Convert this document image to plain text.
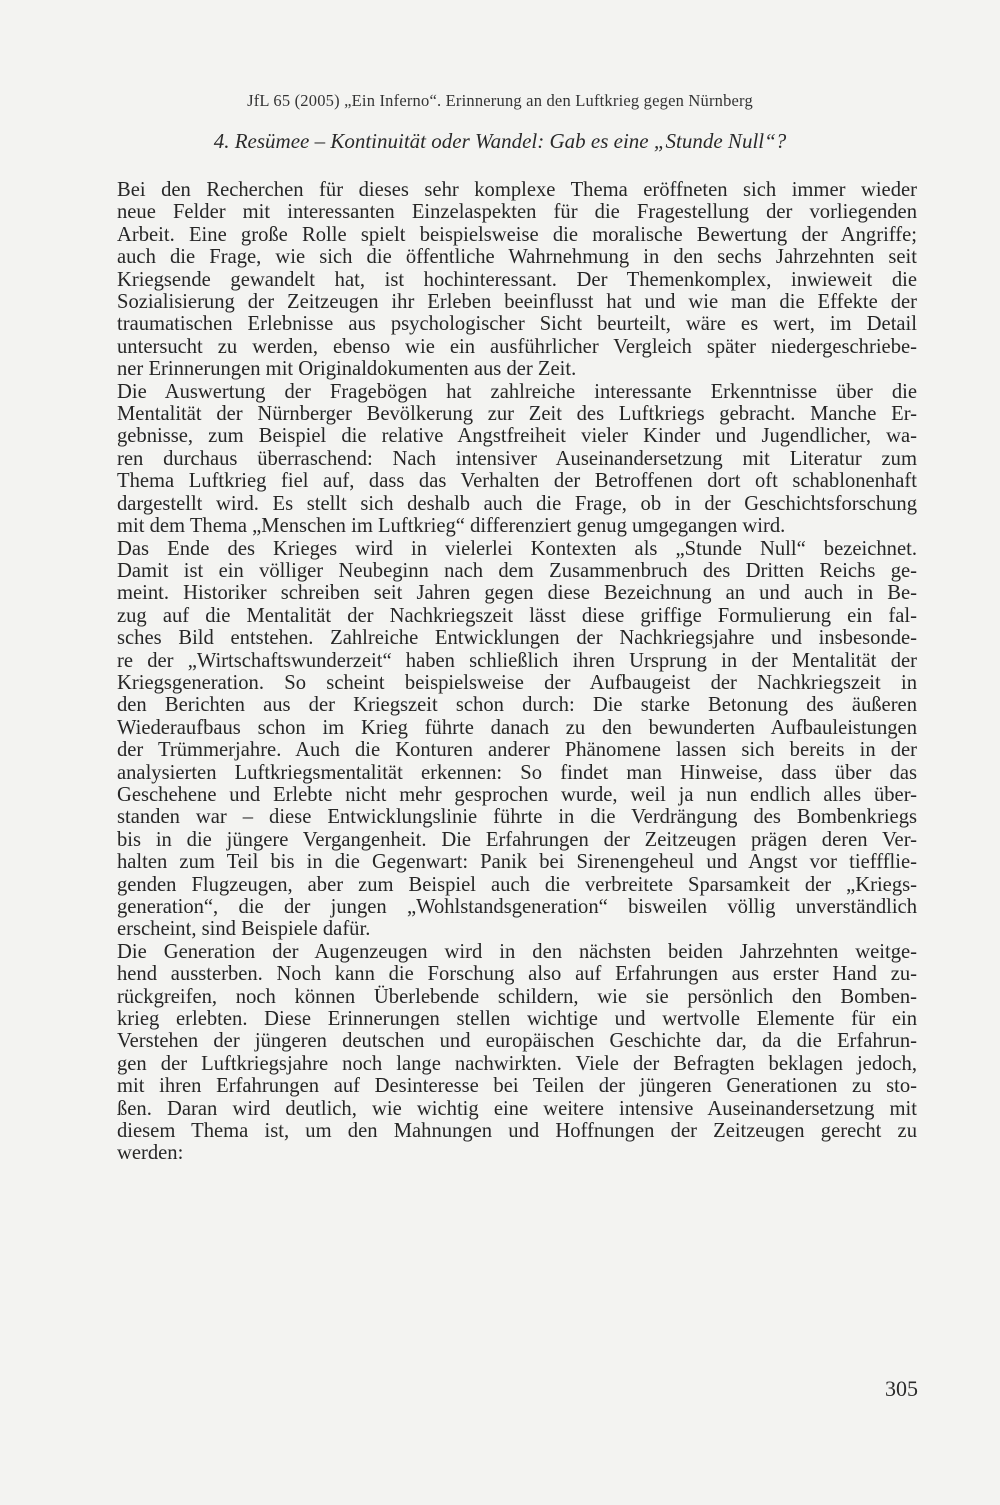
JfL 65 (2005) „Ein Inferno“. Erinnerung an den Luftkrieg gegen Nürnberg
4. Resümee – Kontinuität oder Wandel: Gab es eine „Stunde Null“?

Bei den Recherchen für dieses sehr komplexe Thema eröffneten sich immer wieder
neue Felder mit interessanten Einzelaspekten für die Fragestellung der vorliegenden
Arbeit. Eine große Rolle spielt beispielsweise die moralische Bewertung der Angriffe;
auch die Frage, wie sich die öffentliche Wahrnehmung in den sechs Jahrzehnten seit
Kriegsende gewandelt hat, ist hochinteressant. Der Themenkomplex, inwieweit die
Sozialisierung der Zeitzeugen ihr Erleben beeinflusst hat und wie man die Effekte der
traumatischen Erlebnisse aus psychologischer Sicht beurteilt, wäre es wert, im Detail
untersucht zu werden, ebenso wie ein ausführlicher Vergleich später niedergeschriebe-
ner Erinnerungen mit Originaldokumenten aus der Zeit.

Die Auswertung der Fragebögen hat zahlreiche interessante Erkenntnisse über die
Mentalität der Nürnberger Bevölkerung zur Zeit des Luftkriegs gebracht. Manche Er-
gebnisse, zum Beispiel die relative Angstfreiheit vieler Kinder und Jugendlicher, wa-
ren durchaus überraschend: Nach intensiver Auseinandersetzung mit Literatur zum
Thema Luftkrieg fiel auf, dass das Verhalten der Betroffenen dort oft schablonenhaft
dargestellt wird. Es stellt sich deshalb auch die Frage, ob in der Geschichtsforschung
mit dem Thema „Menschen im Luftkrieg“ differenziert genug umgegangen wird.

Das Ende des Krieges wird in vielerlei Kontexten als „Stunde Null“ bezeichnet.
Damit ist ein völliger Neubeginn nach dem Zusammenbruch des Dritten Reichs ge-
meint. Historiker schreiben seit Jahren gegen diese Bezeichnung an und auch in Be-
zug auf die Mentalität der Nachkriegszeit lässt diese griffige Formulierung ein fal-
sches Bild entstehen. Zahlreiche Entwicklungen der Nachkriegsjahre und insbesonde-
re der „Wirtschaftswunderzeit“ haben schließlich ihren Ursprung in der Mentalität der
Kriegsgeneration. So scheint beispielsweise der Aufbaugeist der Nachkriegszeit in
den Berichten aus der Kriegszeit schon durch: Die starke Betonung des äußeren
Wiederaufbaus schon im Krieg führte danach zu den bewunderten Aufbauleistungen
der Trümmerjahre. Auch die Konturen anderer Phänomene lassen sich bereits in der
analysierten Luftkriegsmentalität erkennen: So findet man Hinweise, dass über das
Geschehene und Erlebte nicht mehr gesprochen wurde, weil ja nun endlich alles über-
standen war – diese Entwicklungslinie führte in die Verdrängung des Bombenkriegs
bis in die jüngere Vergangenheit. Die Erfahrungen der Zeitzeugen prägen deren Ver-
halten zum Teil bis in die Gegenwart: Panik bei Sirenengeheul und Angst vor tieffflie-
genden Flugzeugen, aber zum Beispiel auch die verbreitete Sparsamkeit der „Kriegs-
generation“, die der jungen „Wohlstandsgeneration“ bisweilen völlig unverständlich
erscheint, sind Beispiele dafür.

Die Generation der Augenzeugen wird in den nächsten beiden Jahrzehnten weitge-
hend aussterben. Noch kann die Forschung also auf Erfahrungen aus erster Hand zu-
rückgreifen, noch können Überlebende schildern, wie sie persönlich den Bomben-
krieg erlebten. Diese Erinnerungen stellen wichtige und wertvolle Elemente für ein
Verstehen der jüngeren deutschen und europäischen Geschichte dar, da die Erfahrun-
gen der Luftkriegsjahre noch lange nachwirkten. Viele der Befragten beklagen jedoch,
mit ihren Erfahrungen auf Desinteresse bei Teilen der jüngeren Generationen zu sto-
ßen. Daran wird deutlich, wie wichtig eine weitere intensive Auseinandersetzung mit
diesem Thema ist, um den Mahnungen und Hoffnungen der Zeitzeugen gerecht zu
werden:

305
